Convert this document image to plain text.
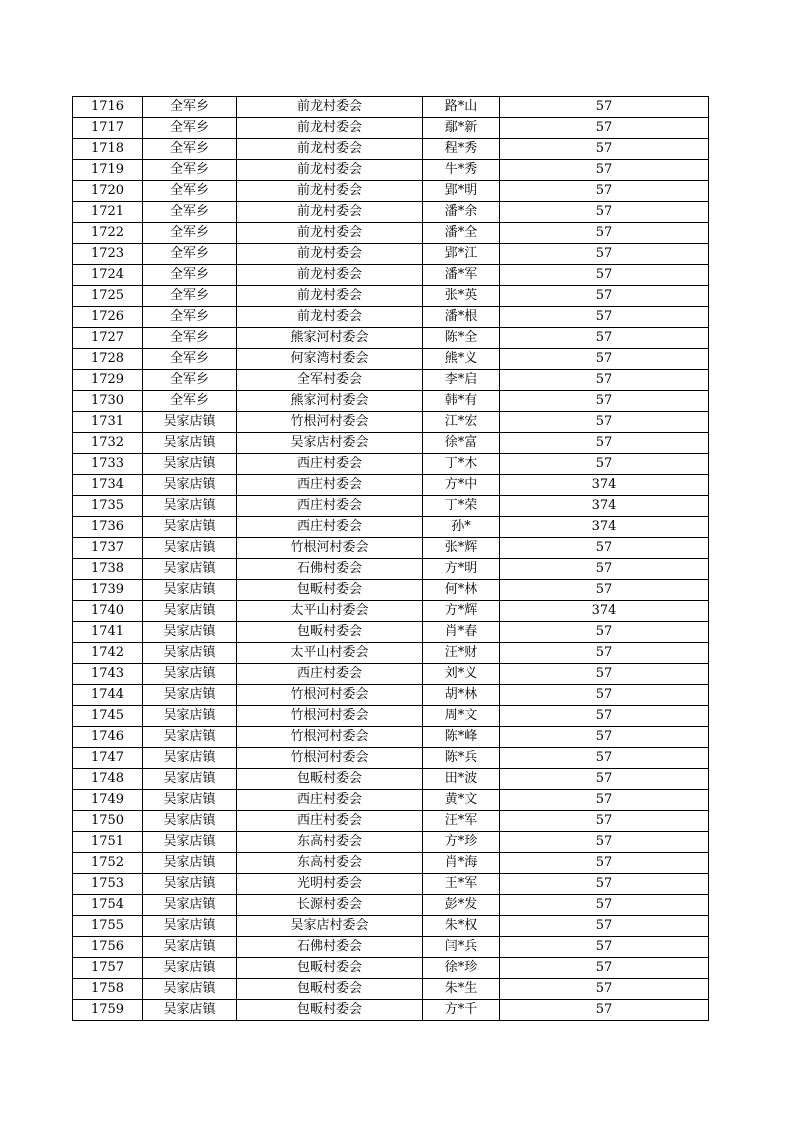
1716	全军乡	前龙村委会	路*山	57
1717	全军乡	前龙村委会	鄢*新	57
1718	全军乡	前龙村委会	程*秀	57
1719	全军乡	前龙村委会	牛*秀	57
1720	全军乡	前龙村委会	郢*明	57
1721	全军乡	前龙村委会	潘*余	57
1722	全军乡	前龙村委会	潘*全	57
1723	全军乡	前龙村委会	郢*江	57
1724	全军乡	前龙村委会	潘*军	57
1725	全军乡	前龙村委会	张*英	57
1726	全军乡	前龙村委会	潘*根	57
1727	全军乡	熊家河村委会	陈*全	57
1728	全军乡	何家湾村委会	熊*义	57
1729	全军乡	全军村委会	李*启	57
1730	全军乡	熊家河村委会	韩*有	57
1731	吴家店镇	竹根河村委会	江*宏	57
1732	吴家店镇	吴家店村委会	徐*富	57
1733	吴家店镇	西庄村委会	丁*木	57
1734	吴家店镇	西庄村委会	方*中	374
1735	吴家店镇	西庄村委会	丁*荣	374
1736	吴家店镇	西庄村委会	孙*	374
1737	吴家店镇	竹根河村委会	张*辉	57
1738	吴家店镇	石佛村委会	方*明	57
1739	吴家店镇	包畈村委会	何*林	57
1740	吴家店镇	太平山村委会	方*辉	374
1741	吴家店镇	包畈村委会	肖*春	57
1742	吴家店镇	太平山村委会	汪*财	57
1743	吴家店镇	西庄村委会	刘*义	57
1744	吴家店镇	竹根河村委会	胡*林	57
1745	吴家店镇	竹根河村委会	周*文	57
1746	吴家店镇	竹根河村委会	陈*峰	57
1747	吴家店镇	竹根河村委会	陈*兵	57
1748	吴家店镇	包畈村委会	田*波	57
1749	吴家店镇	西庄村委会	黄*文	57
1750	吴家店镇	西庄村委会	汪*军	57
1751	吴家店镇	东高村委会	方*珍	57
1752	吴家店镇	东高村委会	肖*海	57
1753	吴家店镇	光明村委会	王*军	57
1754	吴家店镇	长源村委会	彭*发	57
1755	吴家店镇	吴家店村委会	朱*权	57
1756	吴家店镇	石佛村委会	闫*兵	57
1757	吴家店镇	包畈村委会	徐*珍	57
1758	吴家店镇	包畈村委会	朱*生	57
1759	吴家店镇	包畈村委会	方*千	57
